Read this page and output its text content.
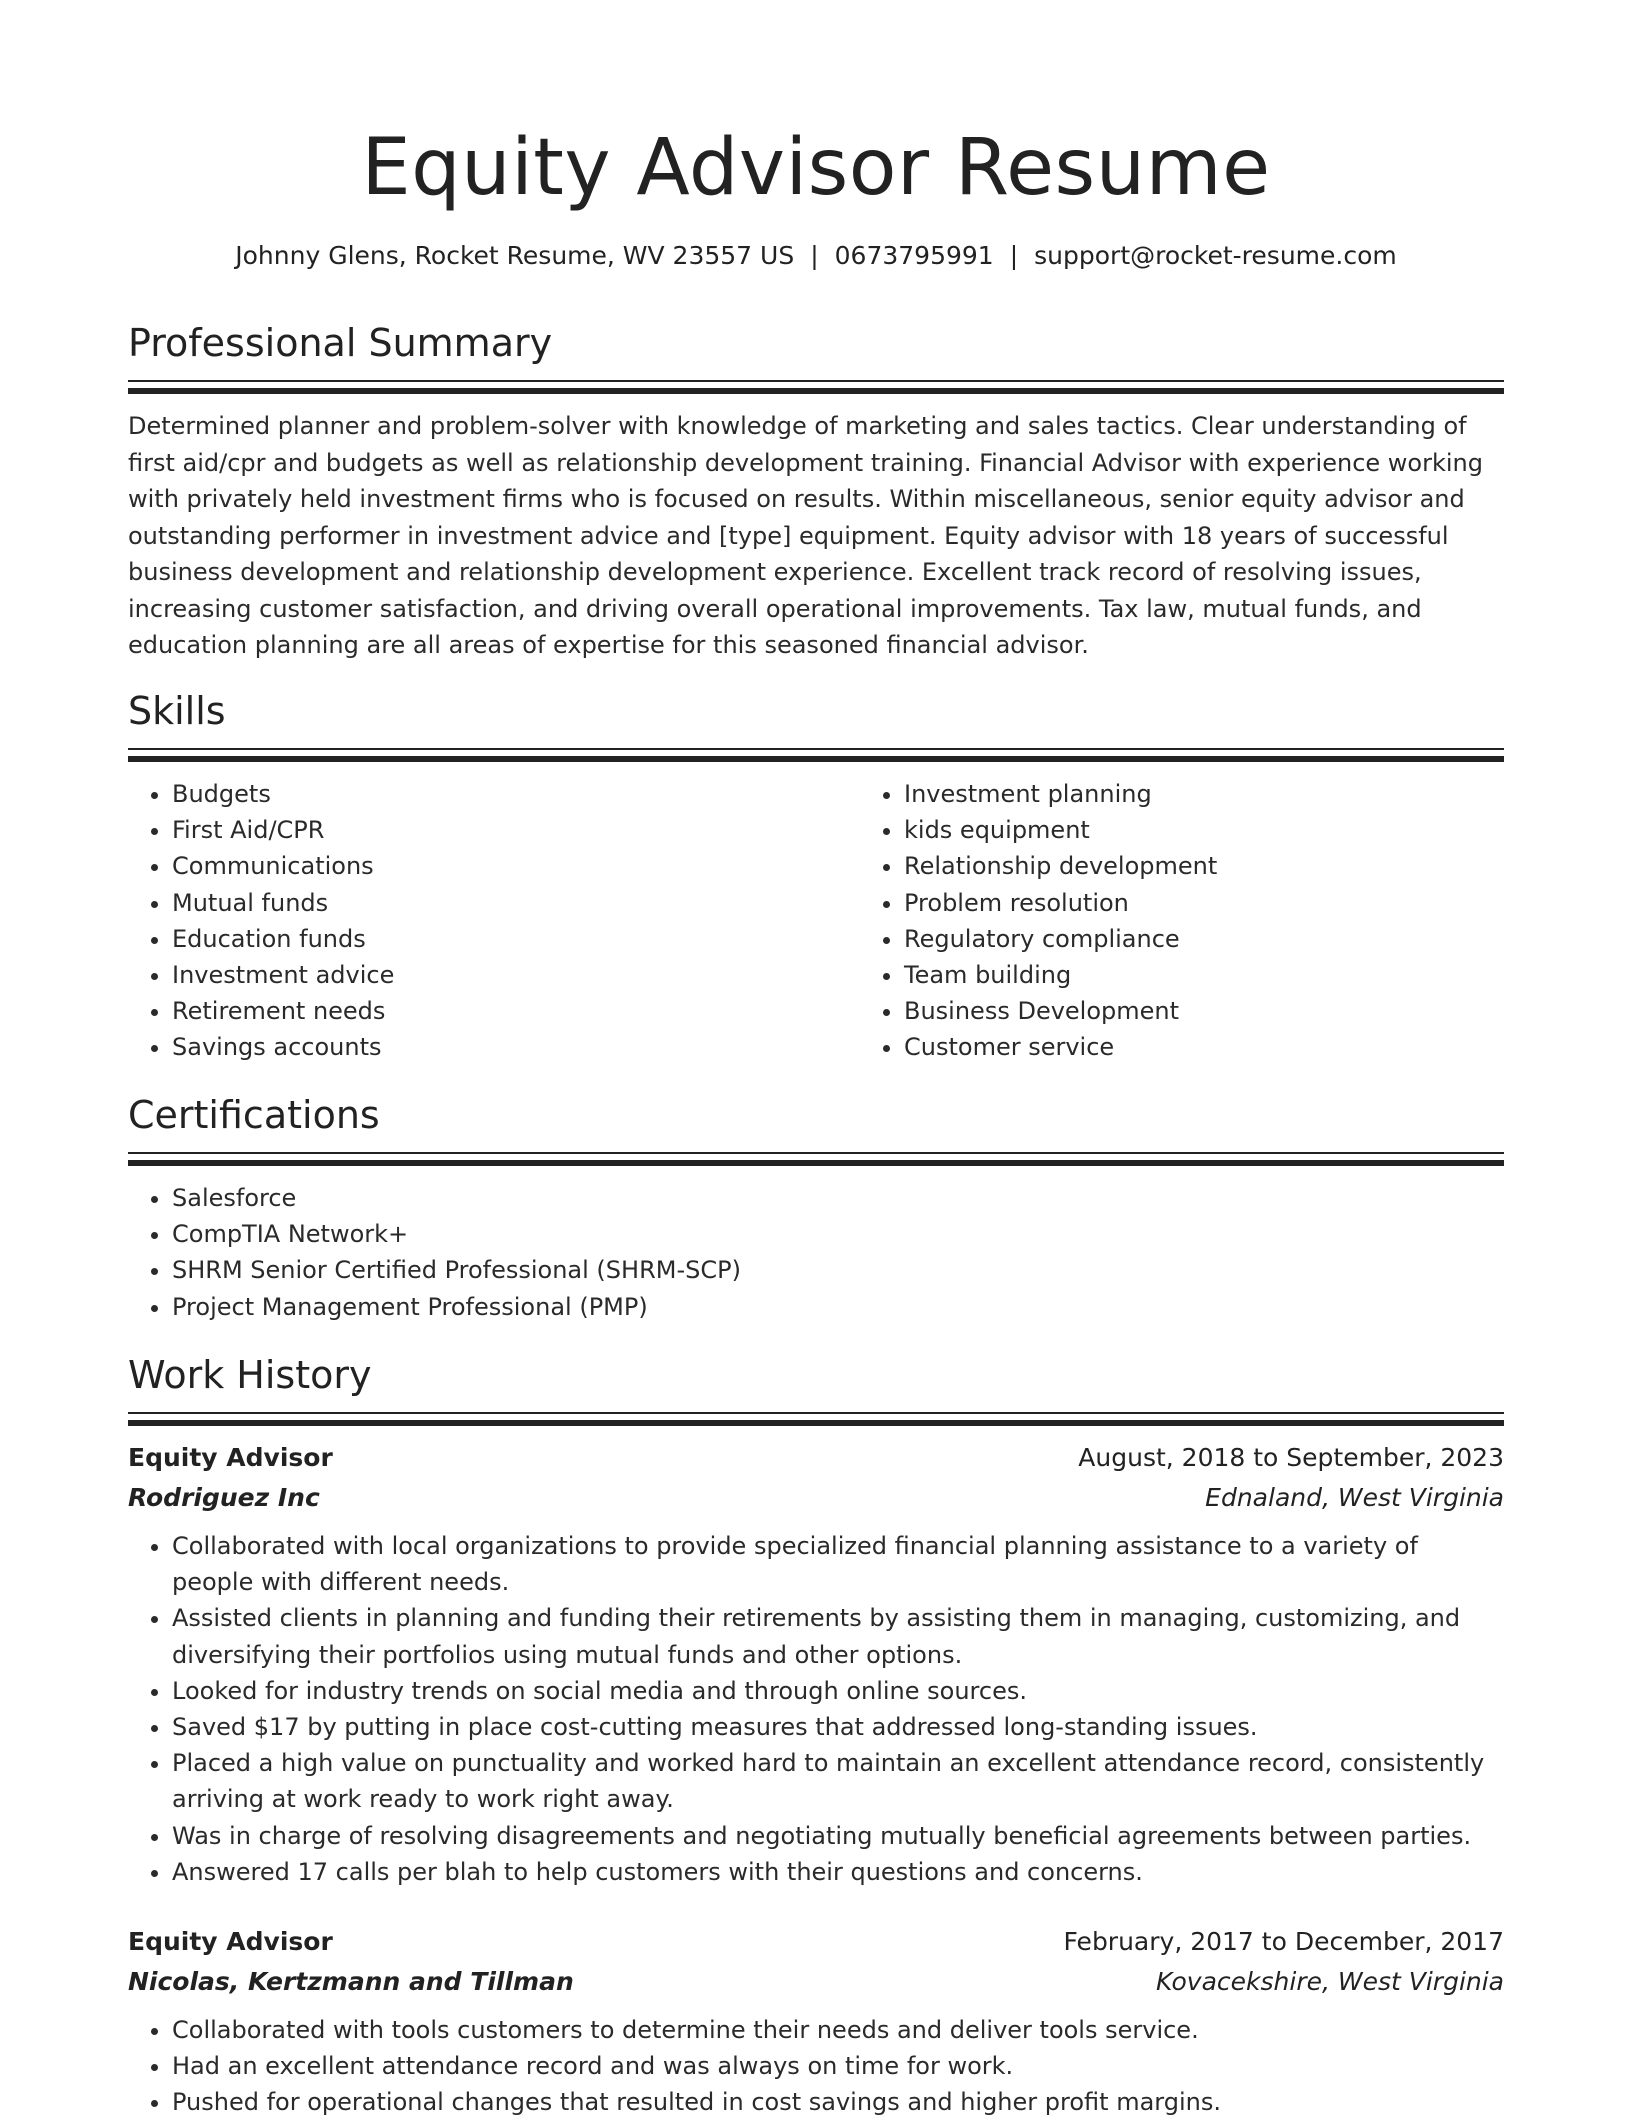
Equity Advisor Resume
Johnny Glens, Rocket Resume, WV 23557 US | 0673795991 | support@rocket-resume.com
Professional Summary

Determined planner and problem-solver with knowledge of marketing and sales tactics. Clear understanding of first aid/cpr and budgets as well as relationship development training. Financial Advisor with experience working with privately held investment firms who is focused on results. Within miscellaneous, senior equity advisor and outstanding performer in investment advice and [type] equipment. Equity advisor with 18 years of successful business development and relationship development experience. Excellent track record of resolving issues, increasing customer satisfaction, and driving overall operational improvements. Tax law, mutual funds, and education planning are all areas of expertise for this seasoned financial advisor.

Skills
• Budgets
• First Aid/CPR
• Communications
• Mutual funds
• Education funds
• Investment advice
• Retirement needs
• Savings accounts
• Investment planning
• kids equipment
• Relationship development
• Problem resolution
• Regulatory compliance
• Team building
• Business Development
• Customer service
Certifications
• Salesforce
• CompTIA Network+
• SHRM Senior Certified Professional (SHRM-SCP)
• Project Management Professional (PMP)
Work History
Equity Advisor	August, 2018 to September, 2023
Rodriguez Inc	Ednaland, West Virginia
• Collaborated with local organizations to provide specialized financial planning assistance to a variety of people with different needs.
• Assisted clients in planning and funding their retirements by assisting them in managing, customizing, and diversifying their portfolios using mutual funds and other options.
• Looked for industry trends on social media and through online sources.
• Saved $17 by putting in place cost-cutting measures that addressed long-standing issues.
• Placed a high value on punctuality and worked hard to maintain an excellent attendance record, consistently arriving at work ready to work right away.
• Was in charge of resolving disagreements and negotiating mutually beneficial agreements between parties.
• Answered 17 calls per blah to help customers with their questions and concerns.
Equity Advisor	February, 2017 to December, 2017
Nicolas, Kertzmann and Tillman	Kovacekshire, West Virginia
• Collaborated with tools customers to determine their needs and deliver tools service.
• Had an excellent attendance record and was always on time for work.
• Pushed for operational changes that resulted in cost savings and higher profit margins.
